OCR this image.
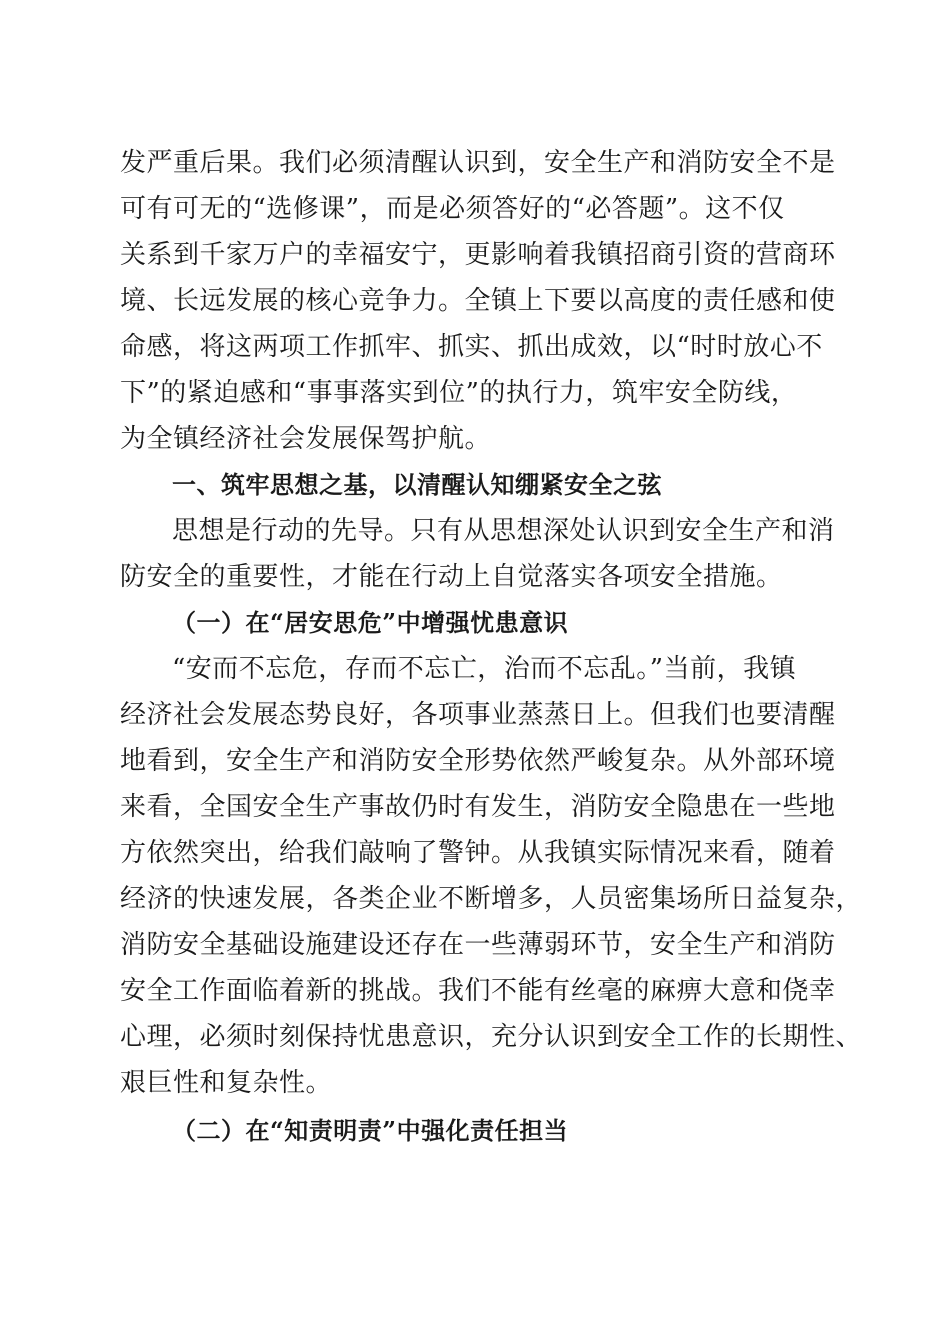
发严重后果。我们必须清醒认识到，安全生产和消防安全不是
可有可无的“选修课”，而是必须答好的“必答题”。这不仅
关系到千家万户的幸福安宁，更影响着我镇招商引资的营商环
境、长远发展的核心竞争力。全镇上下要以高度的责任感和使
命感，将这两项工作抓牢、抓实、抓出成效，以“时时放心不
下”的紧迫感和“事事落实到位”的执行力，筑牢安全防线，
为全镇经济社会发展保驾护航。
一、筑牢思想之基，以清醒认知绷紧安全之弦
思想是行动的先导。只有从思想深处认识到安全生产和消
防安全的重要性，才能在行动上自觉落实各项安全措施。
（一）在“居安思危”中增强忧患意识
“安而不忘危，存而不忘亡，治而不忘乱。”当前，我镇
经济社会发展态势良好，各项事业蒸蒸日上。但我们也要清醒
地看到，安全生产和消防安全形势依然严峻复杂。从外部环境
来看，全国安全生产事故仍时有发生，消防安全隐患在一些地
方依然突出，给我们敲响了警钟。从我镇实际情况来看，随着
经济的快速发展，各类企业不断增多，人员密集场所日益复杂，
消防安全基础设施建设还存在一些薄弱环节，安全生产和消防
安全工作面临着新的挑战。我们不能有丝毫的麻痹大意和侥幸
心理，必须时刻保持忧患意识，充分认识到安全工作的长期性、
艰巨性和复杂性。
（二）在“知责明责”中强化责任担当
